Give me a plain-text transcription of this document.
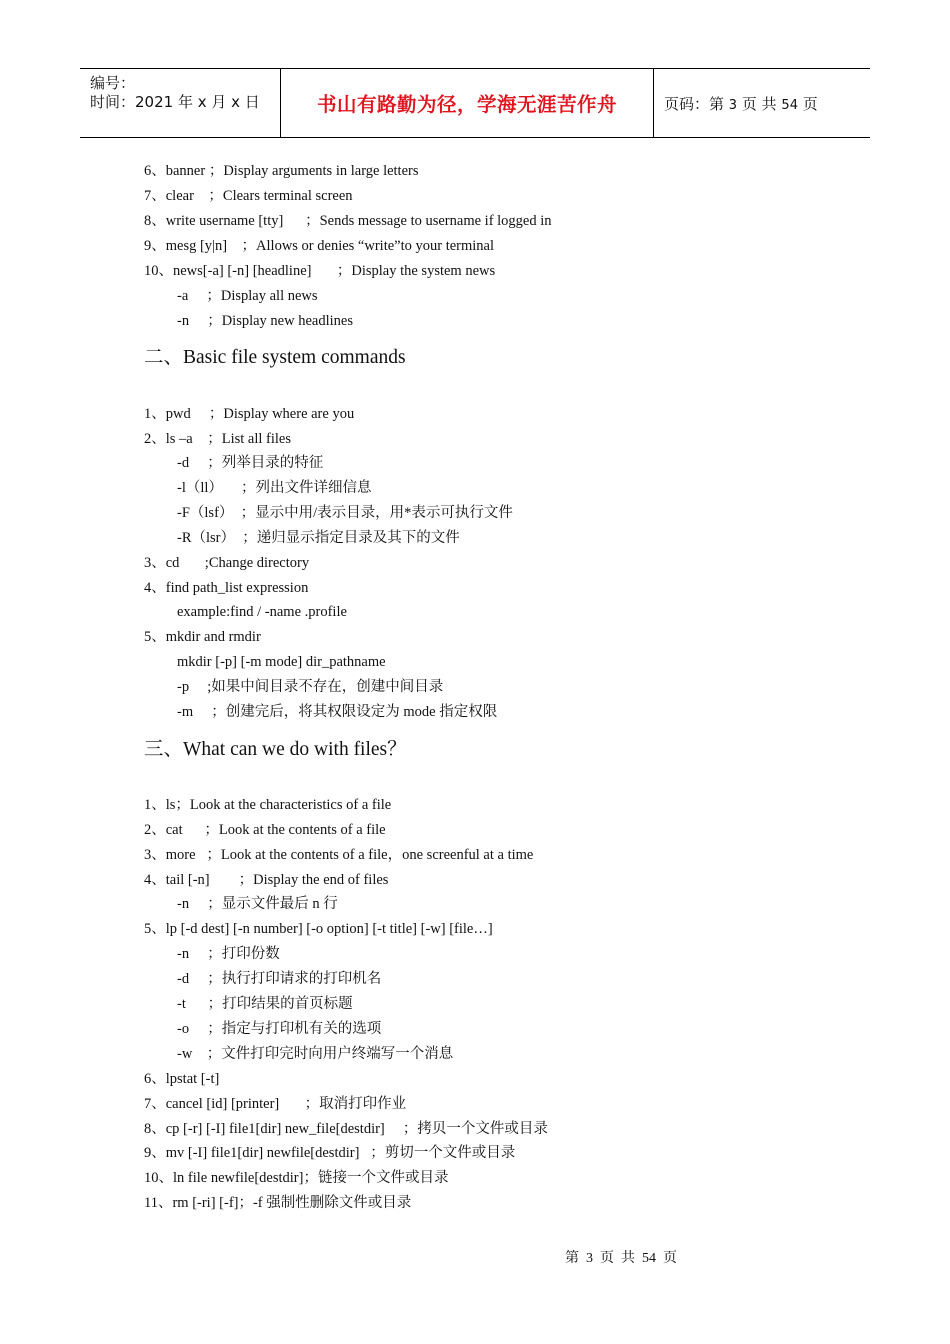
编号：
时间：2021 年 x 月 x 日	书山有路勤为径，学海无涯苦作舟	页码：第 3 页 共 54 页
6、banner ；Display arguments in large letters
7、clear    ；Clears terminal screen
8、write username [tty]      ；Sends message to username if logged in
9、mesg [y|n]    ；Allows or denies “write”to your terminal
10、news[-a] [-n] [headline]       ；Display the system news
-a     ；Display all news
-n     ；Display new headlines
二、Basic file system commands
1、pwd     ；Display where are you
2、ls –a    ；List all files
-d     ；列举目录的特征
-l（ll）     ；列出文件详细信息
-F（lsf）  ；显示中用/表示目录，用*表示可执行文件
-R（lsr）  ；递归显示指定目录及其下的文件
3、cd       ;Change directory
4、find path_list expression
example:find / -name .profile
5、mkdir and rmdir
mkdir [-p] [-m mode] dir_pathname
-p     ;如果中间目录不存在，创建中间目录
-m     ；创建完后，将其权限设定为 mode 指定权限
三、What can we do with files？
1、ls；Look at the characteristics of a file
2、cat      ；Look at the contents of a file
3、more   ；Look at the contents of a file，one screenful at a time
4、tail [-n]        ；Display the end of files
-n     ；显示文件最后 n 行
5、lp [-d dest] [-n number] [-o option] [-t title] [-w] [file…]
-n     ；打印份数
-d     ；执行打印请求的打印机名
-t      ；打印结果的首页标题
-o     ；指定与打印机有关的选项
-w    ；文件打印完时向用户终端写一个消息
6、lpstat [-t]
7、cancel [id] [printer]       ；取消打印作业
8、cp [-r] [-I] file1[dir] new_file[destdir]     ；拷贝一个文件或目录
9、mv [-I] file1[dir] newfile[destdir]   ；剪切一个文件或目录
10、ln file newfile[destdir]；链接一个文件或目录
11、rm [-ri] [-f]；-f 强制性删除文件或目录
第  3  页  共  54  页
